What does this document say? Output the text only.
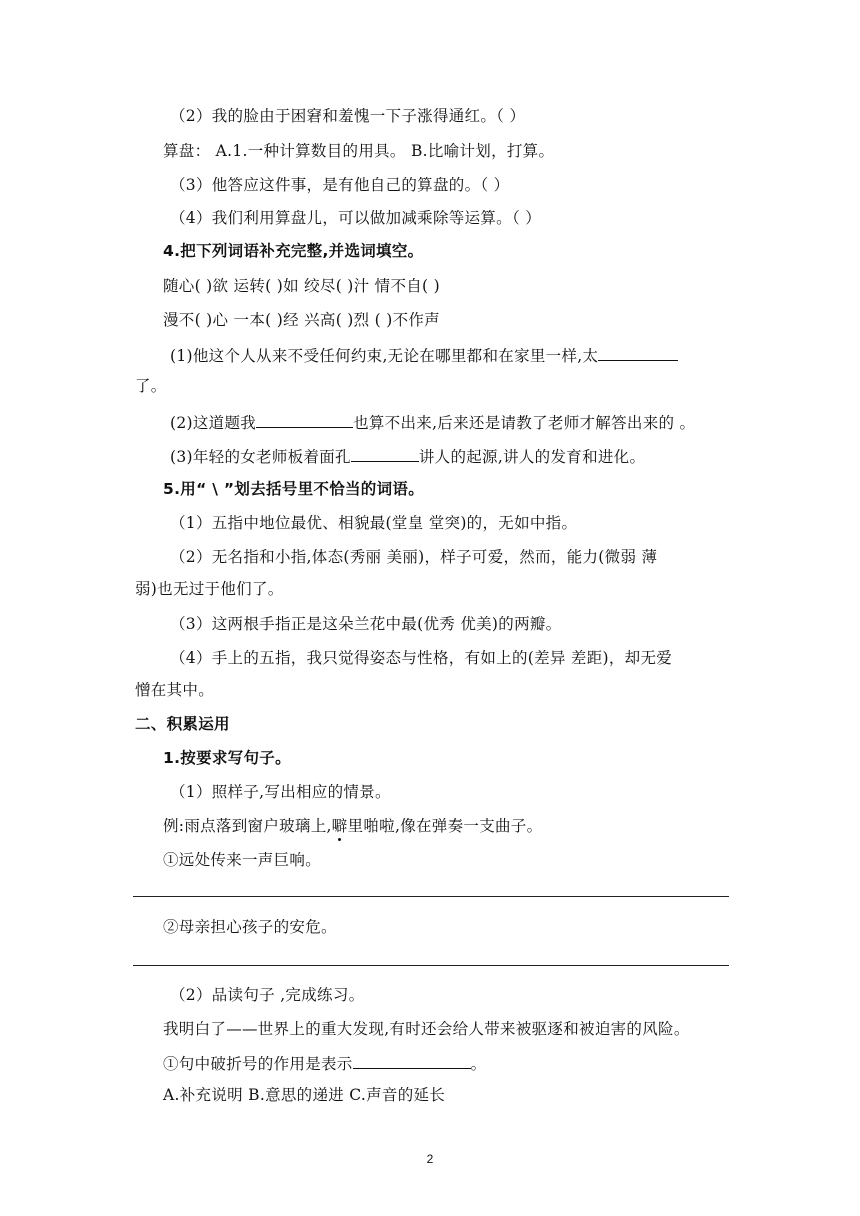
（2）我的脸由于困窘和羞愧一下子涨得通红。（ ）
算盘： A.1.一种计算数目的用具。 B.比喻计划，打算。
（3）他答应这件事，是有他自己的算盘的。（ ）
（4）我们利用算盘儿，可以做加减乘除等运算。（ ）
4.把下列词语补充完整,并选词填空。
随心( )欲 运转( )如 绞尽( )汁 情不自( )
漫不( )心 一本( )经 兴高( )烈 ( )不作声
(1)他这个人从来不受任何约束,无论在哪里都和在家里一样,太
了。
(2)这道题我	也算不出来,后来还是请教了老师才解答出来的 。
(3)年轻的女老师板着面孔	讲人的起源,讲人的发育和进化。
5.用“ \ ”划去括号里不恰当的词语。
（1）五指中地位最优、相貌最(堂皇 堂突)的，无如中指。
（2）无名指和小指,体态(秀丽 美丽)，样子可爱，然而，能力(微弱 薄
弱)也无过于他们了。
（3）这两根手指正是这朵兰花中最(优秀 优美)的两瓣。
（4）手上的五指，我只觉得姿态与性格，有如上的(差异 差距)，却无爱
憎在其中。
二、积累运用
1.按要求写句子。
（1）照样子,写出相应的情景。
例:雨点落到窗户玻璃上,噼里啪啦,像在弹奏一支曲子。
①远处传来一声巨响。
②母亲担心孩子的安危。
（2）品读句子 ,完成练习。
我明白了——世界上的重大发现,有时还会给人带来被驱逐和被迫害的风险。
①句中破折号的作用是表示	。
A.补充说明 B.意思的递进 C.声音的延长
2
